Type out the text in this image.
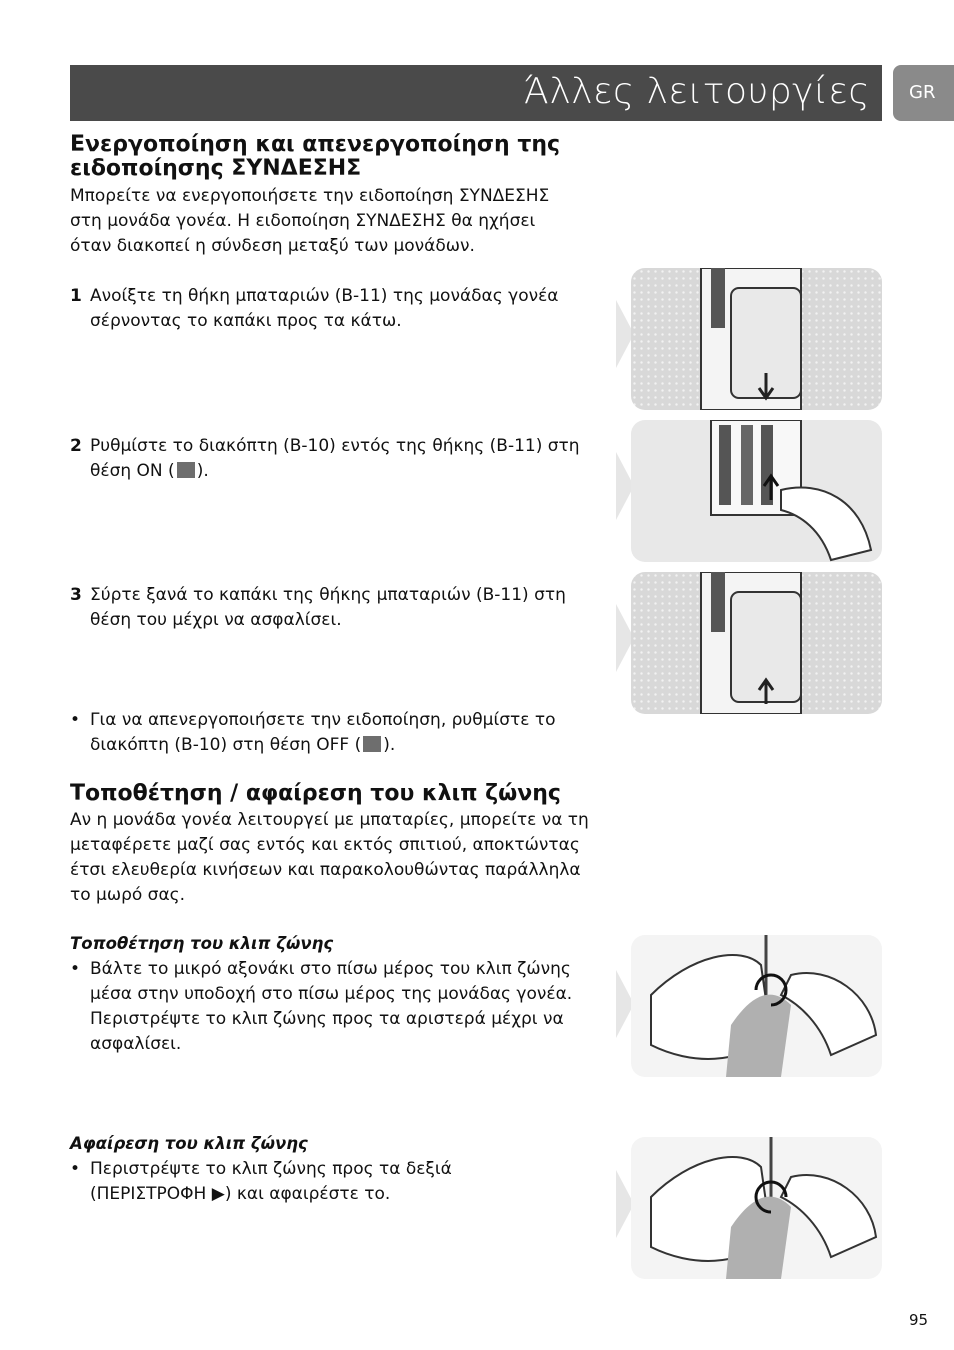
Άλλες λειτουργίες GR
Ενεργοποίηση και απενεργοποίηση της
ειδοποίησης ΣΥΝΔΕΣΗΣ
Μπορείτε να ενεργοποιήσετε την ειδοποίηση ΣΥΝΔΕΣΗΣ
στη μονάδα γονέα. Η ειδοποίηση ΣΥΝΔΕΣΗΣ θα ηχήσει
όταν διακοπεί η σύνδεση μεταξύ των μονάδων.
1 Ανοίξτε τη θήκη μπαταριών (B-11) της μονάδας γονέα
σέρνοντας το καπάκι προς τα κάτω.
2 Ρυθμίστε το διακόπτη (B-10) εντός της θήκης (B-11) στη
θέση ON ( ).
3 Σύρτε ξανά το καπάκι της θήκης μπαταριών (B-11) στη
θέση του μέχρι να ασφαλίσει.
• Για να απενεργοποιήσετε την ειδοποίηση, ρυθμίστε το
διακόπτη (B-10) στη θέση OFF ( ).
Τοποθέτηση / αφαίρεση του κλιπ ζώνης
Αν η μονάδα γονέα λειτουργεί με μπαταρίες, μπορείτε να τη
μεταφέρετε μαζί σας εντός και εκτός σπιτιού, αποκτώντας
έτσι ελευθερία κινήσεων και παρακολουθώντας παράλληλα
το μωρό σας.
Τοποθέτηση του κλιπ ζώνης
• Βάλτε το μικρό αξονάκι στο πίσω μέρος του κλιπ ζώνης
μέσα στην υποδοχή στο πίσω μέρος της μονάδας γονέα.
Περιστρέψτε το κλιπ ζώνης προς τα αριστερά μέχρι να
ασφαλίσει.
Αφαίρεση του κλιπ ζώνης
• Περιστρέψτε το κλιπ ζώνης προς τα δεξιά
(ΠΕΡΙΣΤΡΟΦΗ ▶) και αφαιρέστε το.
95
